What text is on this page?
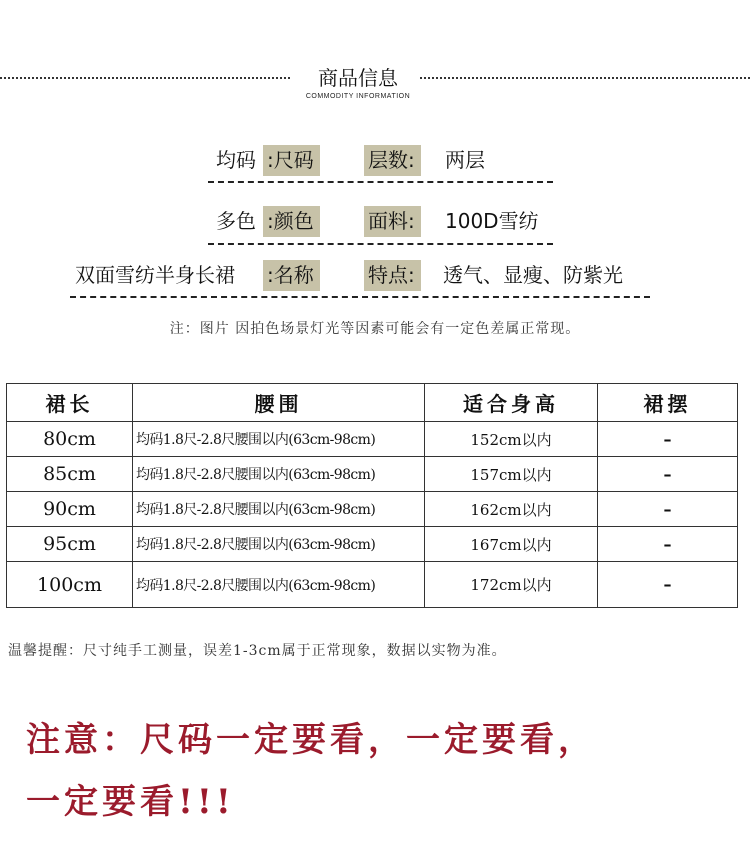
商品信息
COMMODITY INFORMATION
均码 :尺码	层数:	两层
多色 :颜色	面料:	100D雪纺
双面雪纺半身长裙 :名称	特点:	透气、显瘦、防紫光
注：图片 因拍色场景灯光等因素可能会有一定色差属正常现。
裙长	腰围	适合身高	裙摆
80cm	均码1.8尺-2.8尺腰围以内(63cm-98cm)	152cm以内	–
85cm	均码1.8尺-2.8尺腰围以内(63cm-98cm)	157cm以内	–
90cm	均码1.8尺-2.8尺腰围以内(63cm-98cm)	162cm以内	–
95cm	均码1.8尺-2.8尺腰围以内(63cm-98cm)	167cm以内	–
100cm	均码1.8尺-2.8尺腰围以内(63cm-98cm)	172cm以内	–
温馨提醒：尺寸纯手工测量，误差1-3cm属于正常现象，数据以实物为准。
注意：尺码一定要看，一定要看，
一定要看!!!
